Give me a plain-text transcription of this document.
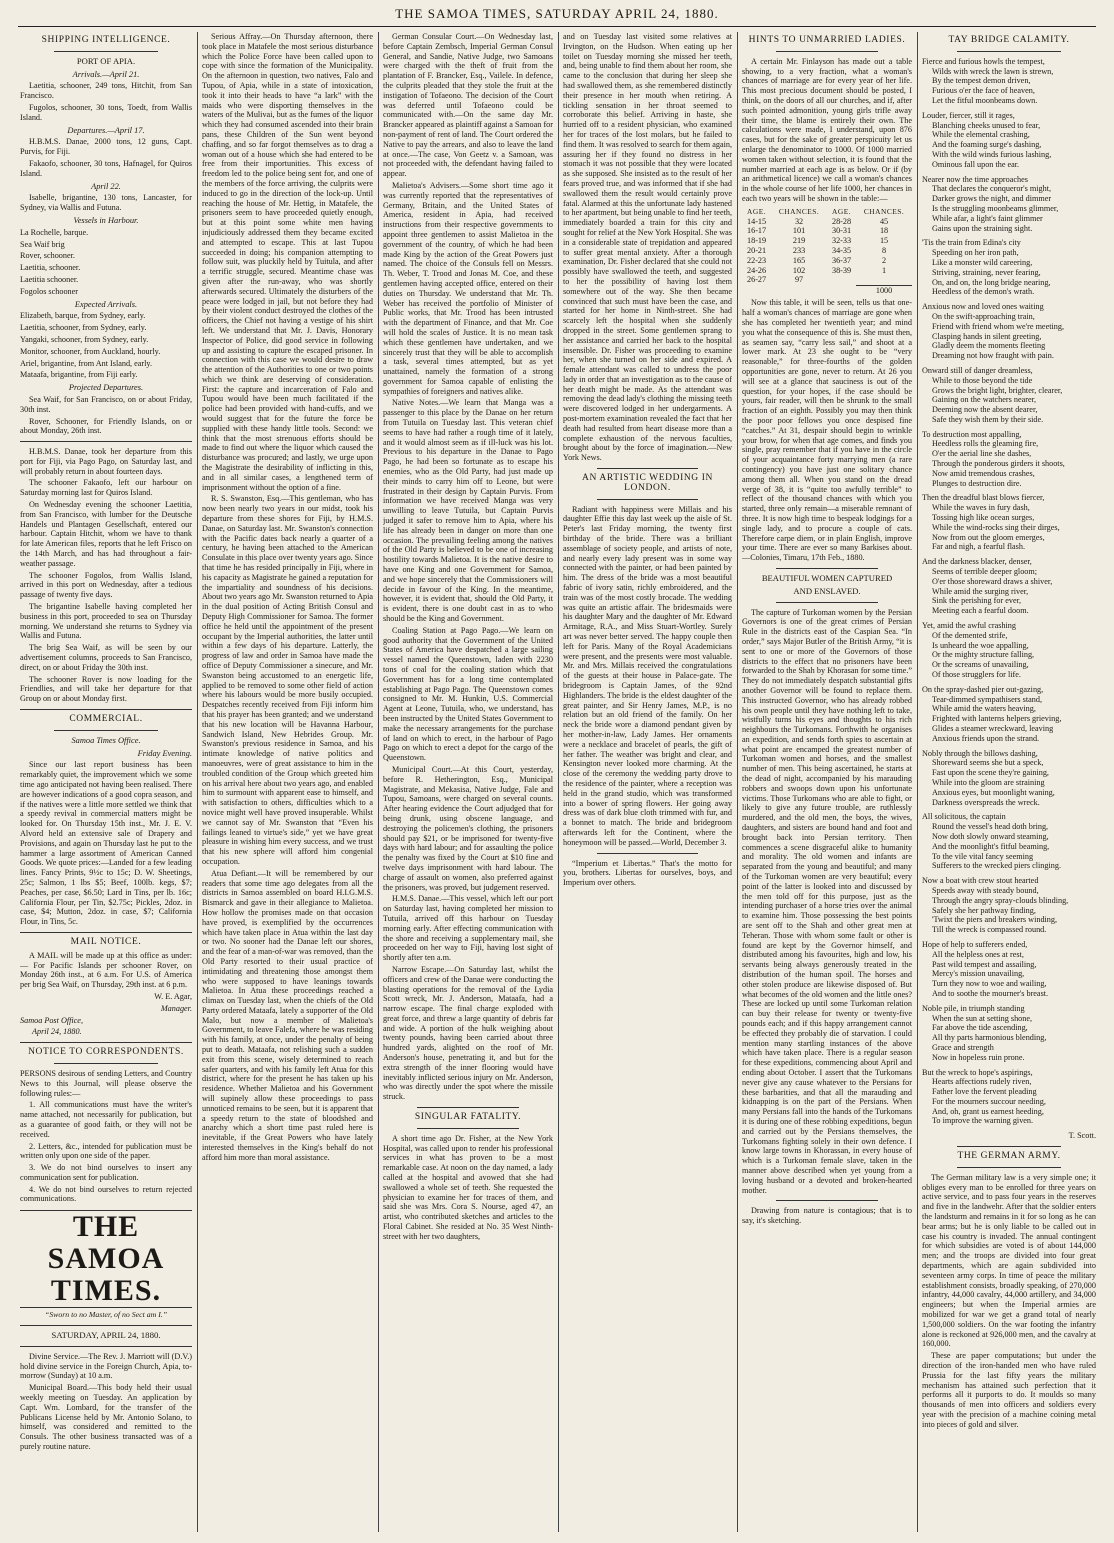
THE SAMOA TIMES, SATURDAY APRIL 24, 1880.
SHIPPING INTELLIGENCE.
PORT OF APIA.
Arrivals.—April 21.

Laetitia, schooner, 249 tons, Hitchit, from San Francisco.

Fugolos, schooner, 30 tons, Toedt, from Wallis Island.

Departures.—April 17.

H.B.M.S. Danae, 2000 tons, 12 guns, Capt. Purvis, for Fiji.

Fakaofo, schooner, 30 tons, Hafnagel, for Quiros Island.

April 22.

Isabelle, brigantine, 130 tons, Lancaster, for Sydney, via Wallis and Futuna.

Vessels in Harbour.

La Rochelle, barque.

Sea Waif brig

Rover, schooner.

Laetitia, schooner.

Laetitia schooner.

Fogolos schooner

Expected Arrivals.

Elizabeth, barque, from Sydney, early.

Laetitia, schooner, from Sydney, early.

Yangaki, schooner, from Sydney, early.

Monitor, schooner, from Auckland, hourly.

Ariel, brigantine, from Ant Island, early.

Mataafa, brigantine, from Fiji early.

Projected Departures.

Sea Waif, for San Francisco, on or about Friday, 30th inst.

Rover, Schooner, for Friendly Islands, on or about Monday, 26th inst.

H.B.M.S. Danae, took her departure from this port for Fiji, via Pago Pago, on Saturday last, and will probably return in about fourteen days.

The schooner Fakaofo, left our harbour on Saturday morning last for Quiros Island.

On Wednesday evening the schooner Laetitia, from San Francisco, with lumber for the Deutsche Handels und Plantagen Gesellschaft, entered our harbour. Captain Hitchit, whom we have to thank for late American files, reports that he left Frisco on the 14th March, and has had throughout a fair-weather passage.

The schooner Fogolos, from Wallis Island, arrived in this port on Wednesday, after a tedious passage of twenty five days.

The brigantine Isabelle having completed her business in this port, proceeded to sea on Thursday morning. We understand she returns to Sydney via Wallis and Futuna.

The brig Sea Waif, as will be seen by our advertisement columns, proceeds to San Francisco, direct, on or about Friday the 30th inst.

The schooner Rover is now loading for the Friendlies, and will take her departure for that Group on or about Monday first.

COMMERCIAL.
Samoa Times Office.
Friday Evening.

Since our last report business has been remarkably quiet, the improvement which we some time ago anticipated not having been realised. There are however indications of a good copra season, and if the natives were a little more settled we think that a speedy revival in commercial matters might be looked for. On Thursday 15th inst., Mr. J. E. V. Alvord held an extensive sale of Drapery and Provisions, and again on Thursday last he put to the hammer a large assortment of American Canned Goods. We quote prices:—Landed for a few leading lines. Fancy Prints, 9½c to 15c; D. W. Sheetings, 25c; Salmon, 1 lbs $5; Beef, 100lb. kegs, $7; Peaches, per case, $6.50; Lard in Tins, per lb. 16c; California Flour, per Tin, $2.75c; Pickles, 2doz. in case, $4; Mutton, 2doz. in case, $7; California Flour, in Tins, 5c.

MAIL NOTICE.

A MAIL will be made up at this office as under:— For Pacific Islands per schooner Rover, on Monday 26th inst., at 6 a.m. For U.S. of America per brig Sea Waif, on Thursday, 29th inst. at 6 p.m.

W. E. Agar,

Manager.

Samoa Post Office,

April 24, 1880.

NOTICE TO CORRESPONDENTS.

PERSONS desirous of sending Letters, and Country News to this Journal, will please observe the following rules:—

1. All communications must have the writer's name attached, not necessarily for publication, but as a guarantee of good faith, or they will not be received.

2. Letters, &c., intended for publication must be written only upon one side of the paper.

3. We do not bind ourselves to insert any communication sent for publication.

4. We do not bind ourselves to return rejected communications.

THE SAMOA TIMES.
“Sworn to no Master, of no Sect am I.”
SATURDAY, APRIL 24, 1880.

Divine Service.—The Rev. J. Marriott will (D.V.) hold divine service in the Foreign Church, Apia, to-morrow (Sunday) at 10 a.m.

Municipal Board.—This body held their usual weekly meeting on Tuesday. An application by Capt. Wm. Lombard, for the transfer of the Publicans License held by Mr. Antonio Solano, to himself, was considered and remitted to the Consuls. The other business transacted was of a purely routine nature.

Serious Affray.—On Thursday afternoon, there took place in Matafele the most serious disturbance which the Police Force have been called upon to cope with since the formation of the Municipality. On the afternoon in question, two natives, Falo and Tupou, of Apia, while in a state of intoxication, took it into their heads to have “a lark” with the maids who were disporting themselves in the waters of the Mulivai, but as the fumes of the liquor which they had consumed ascended into their brain pans, these Children of the Sun went beyond chaffing, and so far forgot themselves as to drag a woman out of a house which she had entered to be free from their importunities. This excess of freedom led to the police being sent for, and one of the members of the force arriving, the culprits were induced to go in the direction of the lock-up. Until reaching the house of Mr. Hettig, in Matafele, the prisoners seem to have proceeded quietly enough, but at this point some white men having injudiciously addressed them they became excited and attempted to escape. This at last Tupou succeeded in doing; his companion attempting to follow suit, was pluckily held by Tuitula, and after a terrific struggle, secured. Meantime chase was given after the run-away, who was shortly afterwards secured. Ultimately the disturbers of the peace were lodged in jail, but not before they had by their violent conduct destroyed the clothes of the officers, the Chief not having a vestige of his shirt left. We understand that Mr. J. Davis, Honorary Inspector of Police, did good service in following up and assisting to capture the escaped prisoner. In connection with this case we would desire to draw the attention of the Authorities to one or two points which we think are deserving of consideration. First: the capture and incarceration of Falo and Tupou would have been much facilitated if the police had been provided with hand-cuffs, and we would suggest that for the future the force be supplied with these handy little tools. Second: we think that the most strenuous efforts should be made to find out where the liquor which caused the disturbance was procured; and lastly, we urge upon the Magistrate the desirability of inflicting in this, and in all similar cases, a lengthened term of imprisonment without the option of a fine.

R. S. Swanston, Esq.—This gentleman, who has now been nearly two years in our midst, took his departure from these shores for Fiji, by H.M.S. Danae, on Saturday last. Mr. Swanston's connection with the Pacific dates back nearly a quarter of a century, he having been attached to the American Consulate in this place over twenty years ago. Since that time he has resided principally in Fiji, where in his capacity as Magistrate he gained a reputation for the impartiality and soundness of his decisions. About two years ago Mr. Swanston returned to Apia in the dual position of Acting British Consul and Deputy High Commissioner for Samoa. The former office he held until the appointment of the present occupant by the Imperial authorities, the latter until within a few days of his departure. Latterly, the progress of law and order in Samoa have made the office of Deputy Commissioner a sinecure, and Mr. Swanston being accustomed to an energetic life, applied to be removed to some other field of action where his labours would be more busily occupied. Despatches recently received from Fiji inform him that his prayer has been granted; and we understand that his new location will be Havanna Harbour, Sandwich Island, New Hebrides Group. Mr. Swanston's previous residence in Samoa, and his intimate knowledge of native politics and manoeuvres, were of great assistance to him in the troubled condition of the Group which greeted him on his arrival here about two years ago, and enabled him to surmount with apparent ease to himself, and with satisfaction to others, difficulties which to a novice might well have proved insuperable. Whilst we cannot say of Mr. Swanston that “Even his failings leaned to virtue's side,” yet we have great pleasure in wishing him every success, and we trust that his new sphere will afford him congenial occupation.

Atua Defiant.—It will be remembered by our readers that some time ago delegates from all the districts in Samoa assembled on board H.I.G.M.S. Bismarck and gave in their allegiance to Malietoa. How hollow the promises made on that occasion have proved, is exemplified by the occurrences which have taken place in Atua within the last day or two. No sooner had the Danae left our shores, and the fear of a man-of-war was removed, than the Old Party resorted to their usual practice of intimidating and threatening those amongst them who were supposed to have leanings towards Malietoa. In Atua these proceedings reached a climax on Tuesday last, when the chiefs of the Old Party ordered Mataafa, lately a supporter of the Old Malo, but now a member of Malietoa's Government, to leave Falefa, where he was residing with his family, at once, under the penalty of being put to death. Mataafa, not relishing such a sudden exit from this scene, wisely determined to reach safer quarters, and with his family left Atua for this district, where for the present he has taken up his residence. Whether Malietoa and his Government will supinely allow these proceedings to pass unnoticed remains to be seen, but it is apparent that a speedy return to the state of bloodshed and anarchy which a short time past ruled here is inevitable, if the Great Powers who have lately interested themselves in the King's behalf do not afford him more than moral assistance.

German Consular Court.—On Wednesday last, before Captain Zembsch, Imperial German Consul General, and Sandie, Native Judge, two Samoans were charged with the theft of fruit from the plantation of F. Brancker, Esq., Vailele. In defence, the culprits pleaded that they stole the fruit at the instigation of Tofaeono. The decision of the Court was deferred until Tofaeono could be communicated with.—On the same day Mr. Brancker appeared as plaintiff against a Samoan for non-payment of rent of land. The Court ordered the Native to pay the arrears, and also to leave the land at once.—The case, Von Geetz v. a Samoan, was not proceeded with, the defendant having failed to appear.

Malietoa's Advisers.—Some short time ago it was currently reported that the representatives of Germany, Britain, and the United States of America, resident in Apia, had received instructions from their respective governments to appoint three gentlemen to assist Malietoa in the government of the country, of which he had been made King by the action of the Great Powers just named. The choice of the Consuls fell on Messrs. Th. Weber, T. Trood and Jonas M. Coe, and these gentlemen having accepted office, entered on their duties on Thursday. We understand that Mr. Th. Weber has received the portfolio of Minister of Public works, that Mr. Trood has been intrusted with the department of Finance, and that Mr. Coe will hold the scales of Justice. It is no mean task which these gentlemen have undertaken, and we sincerely trust that they will be able to accomplish a task, several times attempted, but as yet unattained, namely the formation of a strong government for Samoa capable of enlisting the sympathies of foreigners and natives alike.

Native Notes.—We learn that Manga was a passenger to this place by the Danae on her return from Tutuila on Tuesday last. This veteran chief seems to have had rather a rough time of it lately, and it would almost seem as if ill-luck was his lot. Previous to his departure in the Danae to Pago Pago, he had been so fortunate as to escape his enemies, who as the Old Party, had just made up their minds to carry him off to Leone, but were frustrated in their design by Captain Purvis. From information we have received Manga was very unwilling to leave Tutuila, but Captain Purvis judged it safer to remove him to Apia, where his life has already been in danger on more than one occasion. The prevailing feeling among the natives of the Old Party is believed to be one of increasing hostility towards Malietoa. It is the native desire to have one King and one Government for Samoa, and we hope sincerely that the Commissioners will decide in favour of the King. In the meantime, however, it is evident that, should the Old Party, it is evident, there is one doubt cast in as to who should be the King and Government.

Coaling Station at Pago Pago.—We learn on good authority that the Government of the United States of America have despatched a large sailing vessel named the Queenstown, laden with 2230 tons of coal for the coaling station which that Government has for a long time contemplated establishing at Pago Pago. The Queenstown comes consigned to Mr. M. Hunkin, U.S. Commercial Agent at Leone, Tutuila, who, we understand, has been instructed by the United States Government to make the necessary arrangements for the purchase of land on which to erect, in the harbour of Pago Pago on which to erect a depot for the cargo of the Queenstown.

Municipal Court.—At this Court, yesterday, before R. Hetherington, Esq., Municipal Magistrate, and Mekasisa, Native Judge, Fale and Tupou, Samoans, were charged on several counts. After hearing evidence the Court adjudged that for being drunk, using obscene language, and destroying the policemen's clothing, the prisoners should pay $21, or be imprisoned for twenty-five days with hard labour; and for assaulting the police the penalty was fixed by the Court at $10 fine and twelve days imprisonment with hard labour. The charge of assault on women, also preferred against the prisoners, was proved, but judgement reserved.

H.M.S. Danae.—This vessel, which left our port on Saturday last, having completed her mission to Tutuila, arrived off this harbour on Tuesday morning early. After effecting communication with the shore and receiving a supplementary mail, she proceeded on her way to Fiji, having lost sight of shortly after ten a.m.

Narrow Escape.—On Saturday last, whilst the officers and crew of the Danae were conducting the blasting operations for the removal of the Lydia Scott wreck, Mr. J. Anderson, Mataafa, had a narrow escape. The final charge exploded with great force, and threw a large quantity of debris far and wide. A portion of the hulk weighing about twenty pounds, having been carried about three hundred yards, alighted on the roof of Mr. Anderson's house, penetrating it, and but for the extra strength of the inner flooring would have inevitably inflicted serious injury on Mr. Anderson, who was directly under the spot where the missile struck.

SINGULAR FATALITY.

A short time ago Dr. Fisher, at the New York Hospital, was called upon to render his professional services in what has proven to be a most remarkable case. At noon on the day named, a lady called at the hospital and avowed that she had swallowed a whole set of teeth. She requested the physician to examine her for traces of them, and said she was Mrs. Cora S. Nourse, aged 47, an artist, who contributed sketches and articles to the Floral Cabinet. She resided at No. 35 West Ninth-street with her two daughters,

and on Tuesday last visited some relatives at Irvington, on the Hudson. When eating up her toilet on Tuesday morning she missed her teeth, and, being unable to find them about her room, she came to the conclusion that during her sleep she had swallowed them, as she remembered distinctly their presence in her mouth when retiring. A tickling sensation in her throat seemed to corroborate this belief. Arriving in haste, she hurried off to a resident physician, who examined her for traces of the lost molars, but he failed to find them. It was resolved to search for them again, assuring her if they found no distress in her stomach it was not possible that they were located as she supposed. She insisted as to the result of her fears proved true, and was informed that if she had swallowed them the result would certainly prove fatal. Alarmed at this the unfortunate lady hastened to her apartment, but being unable to find her teeth, immediately boarded a train for this city and sought for relief at the New York Hospital. She was in a considerable state of trepidation and appeared to suffer great mental anxiety. After a thorough examination, Dr. Fisher declared that she could not possibly have swallowed the teeth, and suggested to her the possibility of having lost them somewhere out of the way. She then became convinced that such must have been the case, and started for her home in Ninth-street. She had scarcely left the hospital when she suddenly dropped in the street. Some gentlemen sprang to her assistance and carried her back to the hospital insensible. Dr. Fisher was proceeding to examine her, when she turned on her side and expired. A female attendant was called to undress the poor lady in order that an investigation as to the cause of her death might be made. As the attendant was removing the dead lady's clothing the missing teeth were discovered lodged in her undergarments. A post-mortem examination revealed the fact that her death had resulted from heart disease more than a complete exhaustion of the nervous faculties, brought about by the force of imagination.—New York News.

AN ARTISTIC WEDDING IN LONDON.

Radiant with happiness were Millais and his daughter Effie this day last week up the aisle of St. Peter's last Friday morning, the twenty first birthday of the bride. There was a brilliant assemblage of society people, and artists of note, and nearly every lady present was in some way connected with the painter, or had been painted by him. The dress of the bride was a most beautiful fabric of ivory satin, richly embroidered, and the train was of the most costly brocade. The wedding was quite an artistic affair. The bridesmaids were his daughter Mary and the daughter of Mr. Edward Armitage, R.A., and Miss Stuart-Wortley. Surely art was never better served. The happy couple then left for Paris. Many of the Royal Academicians were present, and the presents were most valuable. Mr. and Mrs. Millais received the congratulations of the guests at their house in Palace-gate. The bridegroom is Captain James, of the 92nd Highlanders. The bride is the eldest daughter of the great painter, and Sir Henry James, M.P., is no relation but an old friend of the family. On her neck the bride wore a diamond pendant given by her mother-in-law, Lady James. Her ornaments were a necklace and bracelet of pearls, the gift of her father. The weather was bright and clear, and Kensington never looked more charming. At the close of the ceremony the wedding party drove to the residence of the painter, where a reception was held in the grand studio, which was transformed into a bower of spring flowers. Her going away dress was of dark blue cloth trimmed with fur, and a bonnet to match. The bride and bridegroom afterwards left for the Continent, where the honeymoon will be passed.—World, December 3.

“Imperium et Libertas.” That's the motto for you, brothers. Libertas for ourselves, boys, and Imperium over others.

HINTS TO UNMARRIED LADIES.

A certain Mr. Finlayson has made out a table showing, to a very fraction, what a woman's chances of marriage are for every year of her life. This most precious document should be posted, I think, on the doors of all our churches, and if, after such pointed admonition, young girls trifle away their time, the blame is entirely their own. The calculations were made, I understand, upon 876 cases, but for the sake of greater perspicuity let us enlarge the denominator to 1000. Of 1000 married women taken without selection, it is found that the number married at each age is as below. Or if (by an arithmetical licence) we call a woman's chances in the whole course of her life 1000, her chances in each two years will be shown in the table:—

AGE.	CHANCES.	AGE.	CHANCES.
14-15	32	28-28	45
16-17	101	30-31	18
18-19	219	32-33	15
20-21	233	34-35	8
22-23	165	36-37	2
24-26	102	38-39	1
26-27	97		
			1000

Now this table, it will be seen, tells us that one-half a woman's chances of marriage are gone when she has completed her twentieth year; and mind you what the consequence of this is. She must then, as seamen say, “carry less sail,” and shoot at a lower mark. At 23 she ought to be “very reasonable,” for three-fourths of the golden opportunities are gone, never to return. At 26 you will see at a glance that sauciness is out of the question, for your hopes, if the case should be yours, fair reader, will then be shrunk to the small fraction of an eighth. Possibly you may then think the poor poor fellows you once despised fine “catches.” At 31, despair should begin to wrinkle your brow, for when that age comes, and finds you single, pray remember that if you have in the circle of your acquaintance forty marrying men (a rare contingency) you have just one solitary chance among them all. When you stand on the dread verge of 38, it is “quite too awfully terrible” to reflect of the thousand chances with which you started, three only remain—a miserable remnant of three. It is now high time to bespeak lodgings for a single lady, and to procure a couple of cats. Therefore carpe diem, or in plain English, improve your time. There are ever so many Barkises about.—Colonies, Timaru, 17th Feb., 1880.

BEAUTIFUL WOMEN CAPTURED
AND ENSLAVED.

The capture of Turkoman women by the Persian Governors is one of the great crimes of Persian Rule in the districts east of the Caspian Sea. “In order,” says Major Butler of the British Army, “it is sent to one or more of the Governors of those districts to the effect that no prisoners have been forwarded to the Shah by Khorasan for some time.” They do not immediately despatch substantial gifts another Governor will be found to replace them. This instructed Governor, who has already robbed his own people until they have nothing left to take, wistfully turns his eyes and thoughts to his rich neighbours the Turkomans. Forthwith he organises an expedition, and sends forth spies to ascertain at what point are encamped the greatest number of Turkoman women and horses, and the smallest number of men. This being ascertained, he starts at the dead of night, accompanied by his marauding robbers and swoops down upon his unfortunate victims. Those Turkomans who are able to fight, or likely to give any future trouble, are ruthlessly murdered, and the old men, the boys, the wives, daughters, and sisters are bound hand and foot and brought back into Persian territory. Then commences a scene disgraceful alike to humanity and morality. The old women and infants are separated from the young and beautiful; and many of the Turkoman women are very beautiful; every point of the latter is looked into and discussed by the men told off for this purpose, just as the intending purchaser of a horse tries over the animal to examine him. Those possessing the best points are sent off to the Shah and other great men at Teheran. Those with whom some fault or other is found are kept by the Governor himself, and distributed among his favourites, high and low, his servants being always generously treated in the distribution of the human spoil. The horses and other stolen produce are likewise disposed of. But what becomes of the old women and the little ones? These are locked up until some Turkoman relation can buy their release for twenty or twenty-five pounds each; and if this happy arrangement cannot be effected they probably die of starvation. I could mention many startling instances of the above which have taken place. There is a regular season for these expeditions, commencing about April and ending about October. I assert that the Turkomans never give any cause whatever to the Persians for these barbarities, and that all the marauding and kidnapping is on the part of the Persians. When many Persians fall into the hands of the Turkomans it is during one of these robbing expeditions, begun and carried out by the Persians themselves, the Turkomans fighting solely in their own defence. I know large towns in Khorassan, in every house of which is a Turkoman female slave, taken in the manner above described when yet young from a loving husband or a devoted and broken-hearted mother.

Drawing from nature is contagious; that is to say, it's sketching.

TAY BRIDGE CALAMITY.
Fierce and furious howls the tempest,
Wilds with wreck the lawn is strewn,
By the tempest demon driven,
Furious o'er the face of heaven,
Let the fitful moonbeams down.
Louder, fiercer, still it rages,
Blanching cheeks unused to fear,
While the elemental crashing,
And the foaming surge's dashing,
With the wild winds furious lashing,
Ominous fall upon the ear.
Nearer now the time approaches
That declares the conqueror's might,
Darker grows the night, and dimmer
Is the struggling moonbeams glimmer,
While afar, a light's faint glimmer
Gains upon the straining sight.
'Tis the train from Edina's city
Speeding on her iron path,
Like a monster wild careering,
Striving, straining, never fearing,
On, and on, the long bridge nearing,
Heedless of the demon's wrath.
Anxious now and loved ones waiting
On the swift-approaching train,
Friend with friend whom we're meeting,
Clasping hands in silent greeting,
Gladly deem the moments fleeting
Dreaming not how fraught with pain.
Onward still of danger dreamless,
While to those beyond the tide
Grows the bright light, brighter, clearer,
Gaining on the watchers nearer,
Deeming now the absent dearer,
Safe they wish them by their side.
To destruction most appalling,
Heedless rolls the gleaming fire,
O'er the aerial line she dashes,
Through the ponderous girders it shoots,
Now amid tremendous crashes,
Plunges to destruction dire.
Then the dreadful blast blows fiercer,
While the waves in fury dash,
Tossing high like ocean surges,
While the wind-rocks sing their dirges,
Now from out the gloom emerges,
Far and nigh, a fearful flash.
And the darkness blacker, denser,
Seems of terrible deeper gloom;
O'er those shoreward draws a shiver,
While amid the surging river,
Sink the perishing for ever,
Meeting each a fearful doom.
Yet, amid the awful crashing
Of the demented strife,
Is unheard the woe appalling,
Or the mighty structure falling,
Or the screams of unavailing,
Of those strugglers for life.
On the spray-dashed pier out-gazing,
Tear-dimmed sympathisers stand,
While amid the waters heaving,
Frighted with lanterns helpers grieving,
Glides a steamer wreckward, leaving
Anxious friends upon the strand.
Nobly through the billows dashing,
Shoreward seems she but a speck,
Fast upon the scene they're gaining,
While into the gloom are straining
Anxious eyes, but moonlight waning,
Darkness overspreads the wreck.
All solicitous, the captain
Round the vessel's head doth bring,
Now doth slowly onward steaming,
And the moonlight's fitful beaming,
To the vile vital fancy seeming
Sufferers to the wrecked piers clinging.
Now a boat with crew stout hearted
Speeds away with steady bound,
Through the angry spray-clouds blinding,
Safely she her pathway finding,
'Twixt the piers and breakers winding,
Till the wreck is compassed round.
Hope of help to sufferers ended,
All the helpless ones at rest,
Past wild tempest and assailing,
Mercy's mission unavailing,
Turn they now to woe and wailing,
And to soothe the mourner's breast.
Noble pile, in triumph standing
When the sun at setting shone,
Far above the tide ascending,
All thy parts harmonious blending,
Grace and strength
Now in hopeless ruin prone.
But the wreck to hope's aspirings,
Hearts affections rudely riven,
Father love the fervent pleading
For the mourners succour needing,
And, oh, grant us earnest heeding,
To improve the warning given.

T. Scott.

THE GERMAN ARMY.

The German military law is a very simple one; it obliges every man to be enrolled for three years on active service, and to pass four years in the reserves and five in the landwehr. After that the soldier enters the landsturm and remains in it for so long as he can bear arms; but he is only liable to be called out in case his country is invaded. The annual contingent for which subsidies are voted is of about 144,000 men; and the troops are divided into four great departments, which are again subdivided into seventeen army corps. In time of peace the military establishment consists, broadly speaking, of 270,000 infantry, 44,000 cavalry, 44,000 artillery, and 34,000 engineers; but when the Imperial armies are mobilized for war we get a grand total of nearly 1,500,000 soldiers. On the war footing the infantry alone is reckoned at 926,000 men, and the cavalry at 160,000.

These are paper computations; but under the direction of the iron-handed men who have ruled Prussia for the last fifty years the military mechanism has attained such perfection that it performs all it purports to do. It moulds so many thousands of men into officers and soldiers every year with the precision of a machine coining metal into pieces of gold and silver.
